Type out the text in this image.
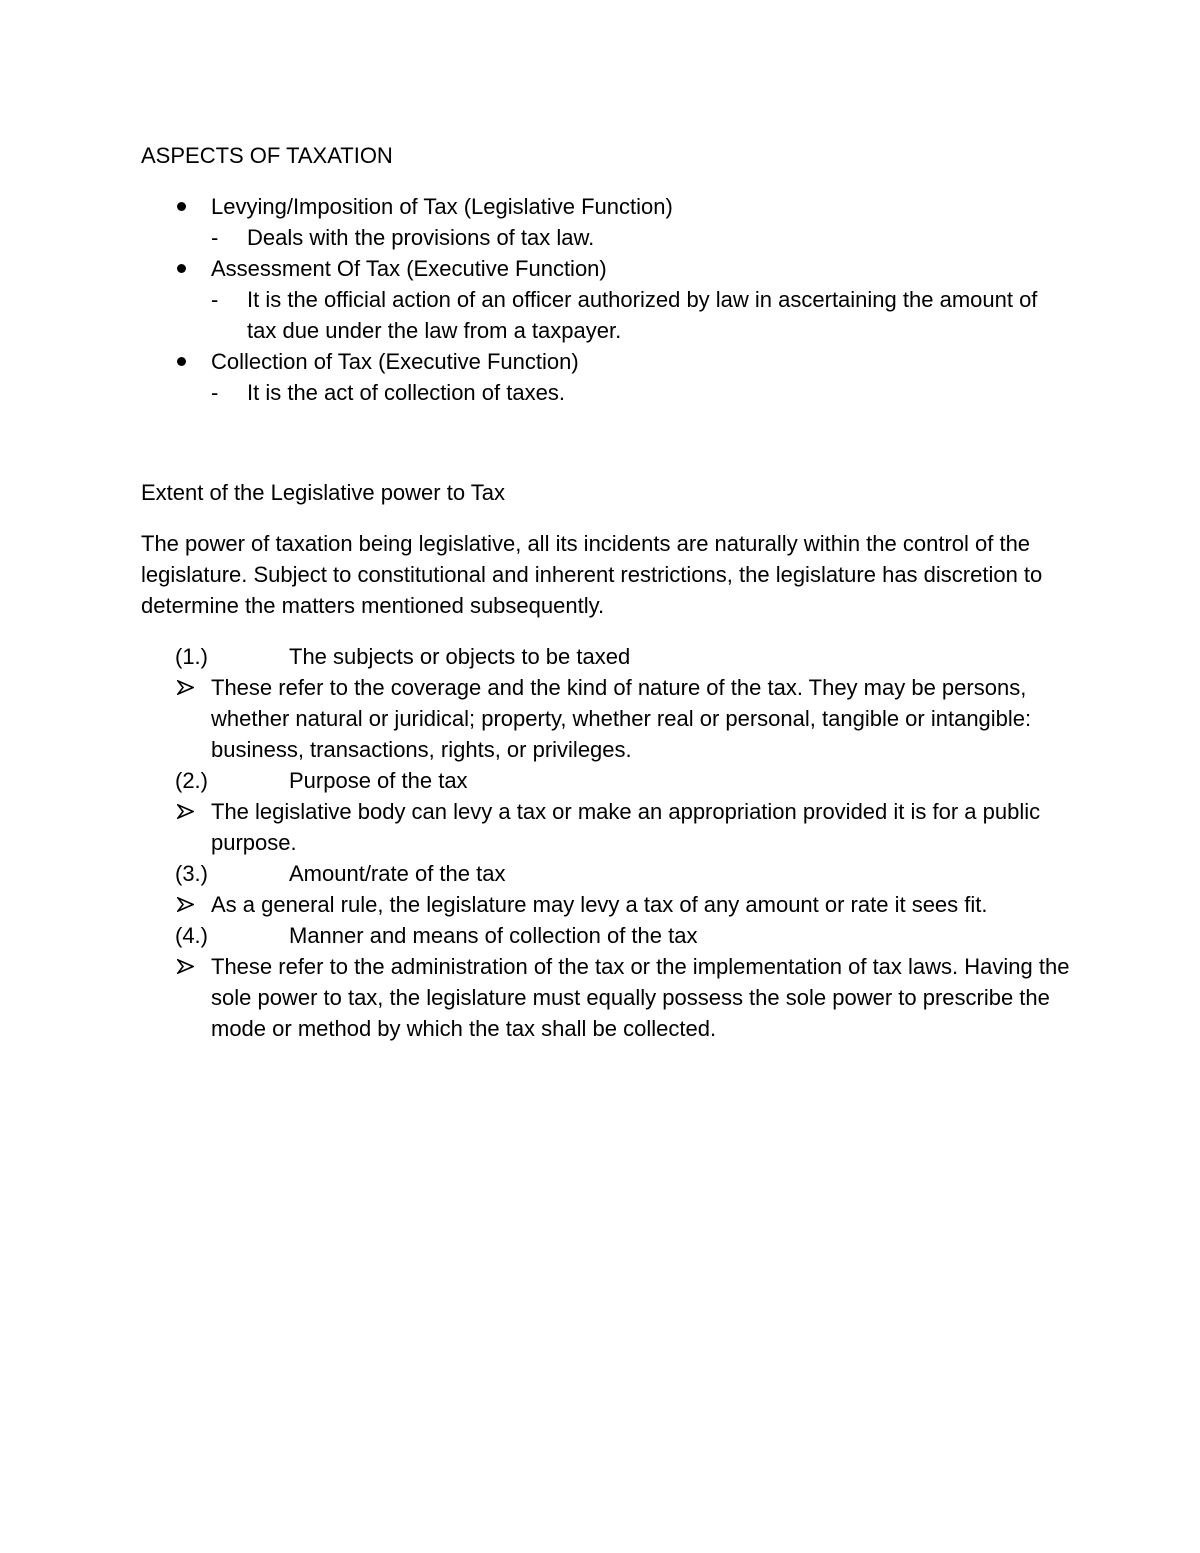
ASPECTS OF TAXATION
Levying/Imposition of Tax (Legislative Function)
- Deals with the provisions of tax law.
Assessment Of Tax (Executive Function)
- It is the official action of an officer authorized by law in ascertaining the amount of tax due under the law from a taxpayer.
Collection of Tax (Executive Function)
- It is the act of collection of taxes.
Extent of the Legislative power to Tax

The power of taxation being legislative, all its incidents are naturally within the control of the legislature. Subject to constitutional and inherent restrictions, the legislature has discretion to determine the matters mentioned subsequently.

(1.)	The subjects or objects to be taxed
These refer to the coverage and the kind of nature of the tax. They may be persons, whether natural or juridical; property, whether real or personal, tangible or intangible: business, transactions, rights, or privileges.
(2.)	Purpose of the tax
The legislative body can levy a tax or make an appropriation provided it is for a public purpose.
(3.)	Amount/rate of the tax
As a general rule, the legislature may levy a tax of any amount or rate it sees fit.
(4.)	Manner and means of collection of the tax
These refer to the administration of the tax or the implementation of tax laws. Having the sole power to tax, the legislature must equally possess the sole power to prescribe the mode or method by which the tax shall be collected.
